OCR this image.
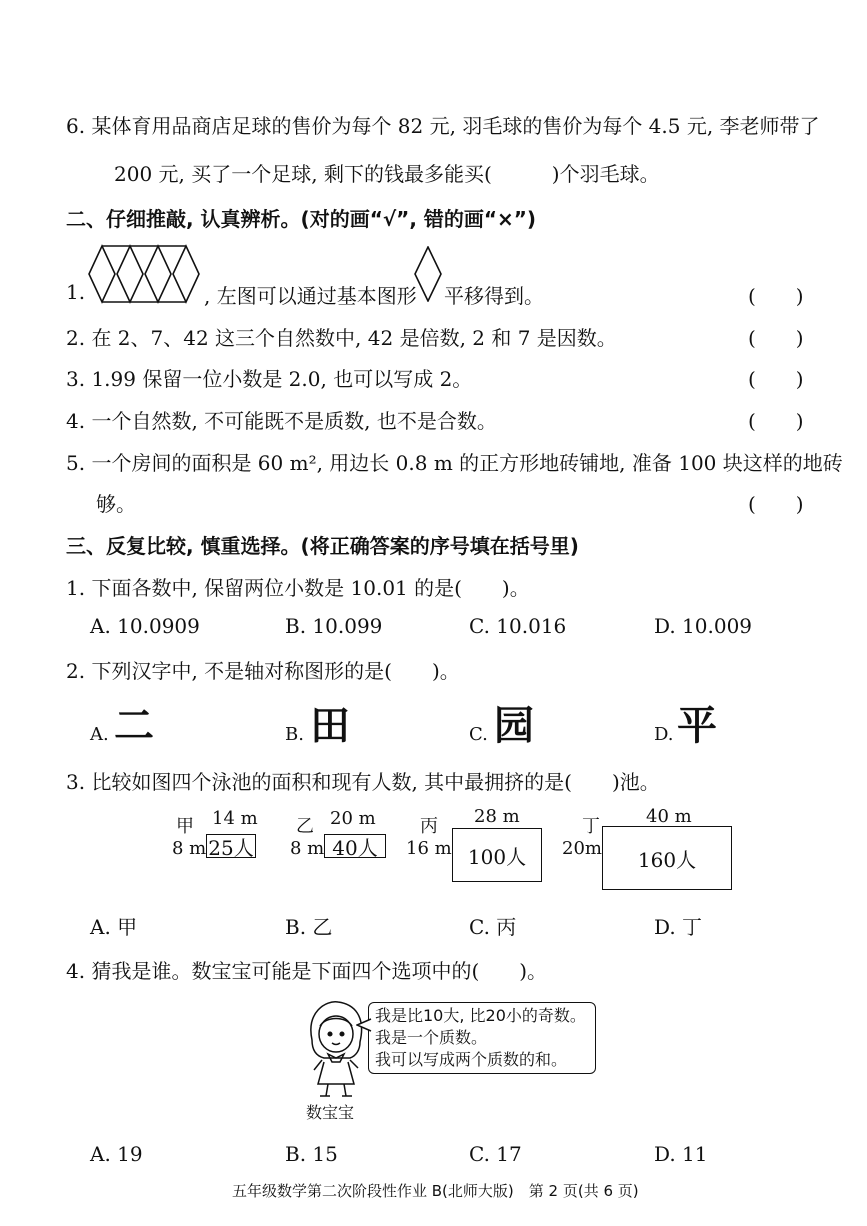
6. 某体育用品商店足球的售价为每个 82 元, 羽毛球的售价为每个 4.5 元, 李老师带了
200 元, 买了一个足球, 剩下的钱最多能买(　　　)个羽毛球。
二、仔细推敲, 认真辨析。(对的画“√”, 错的画“×”)
1.	, 左图可以通过基本图形 平移得到。	(　　)
2. 在 2、7、42 这三个自然数中, 42 是倍数, 2 和 7 是因数。	(　　)
3. 1.99 保留一位小数是 2.0, 也可以写成 2。	(　　)
4. 一个自然数, 不可能既不是质数, 也不是合数。	(　　)
5. 一个房间的面积是 60 m², 用边长 0.8 m 的正方形地砖铺地, 准备 100 块这样的地砖
够。	(　　)
三、反复比较, 慎重选择。(将正确答案的序号填在括号里)
1. 下面各数中, 保留两位小数是 10.01 的是(　　)。
A. 10.0909	B. 10.099	C. 10.016	D. 10.009
2. 下列汉字中, 不是轴对称图形的是(　　)。
A. 二	B. 田	C. 园	D. 平
3. 比较如图四个泳池的面积和现有人数, 其中最拥挤的是(　　)池。
甲 14 m
8 m 25人
乙 20 m
8 m 40人
丙 28 m
16 m 100人
丁	40 m
20m	160人
A. 甲	B. 乙	C. 丙	D. 丁
4. 猜我是谁。数宝宝可能是下面四个选项中的(　　)。
我是比10大, 比20小的奇数。
我是一个质数。
我可以写成两个质数的和。
数宝宝
A. 19	B. 15	C. 17	D. 11
五年级数学第二次阶段性作业 B(北师大版)　第 2 页(共 6 页)
